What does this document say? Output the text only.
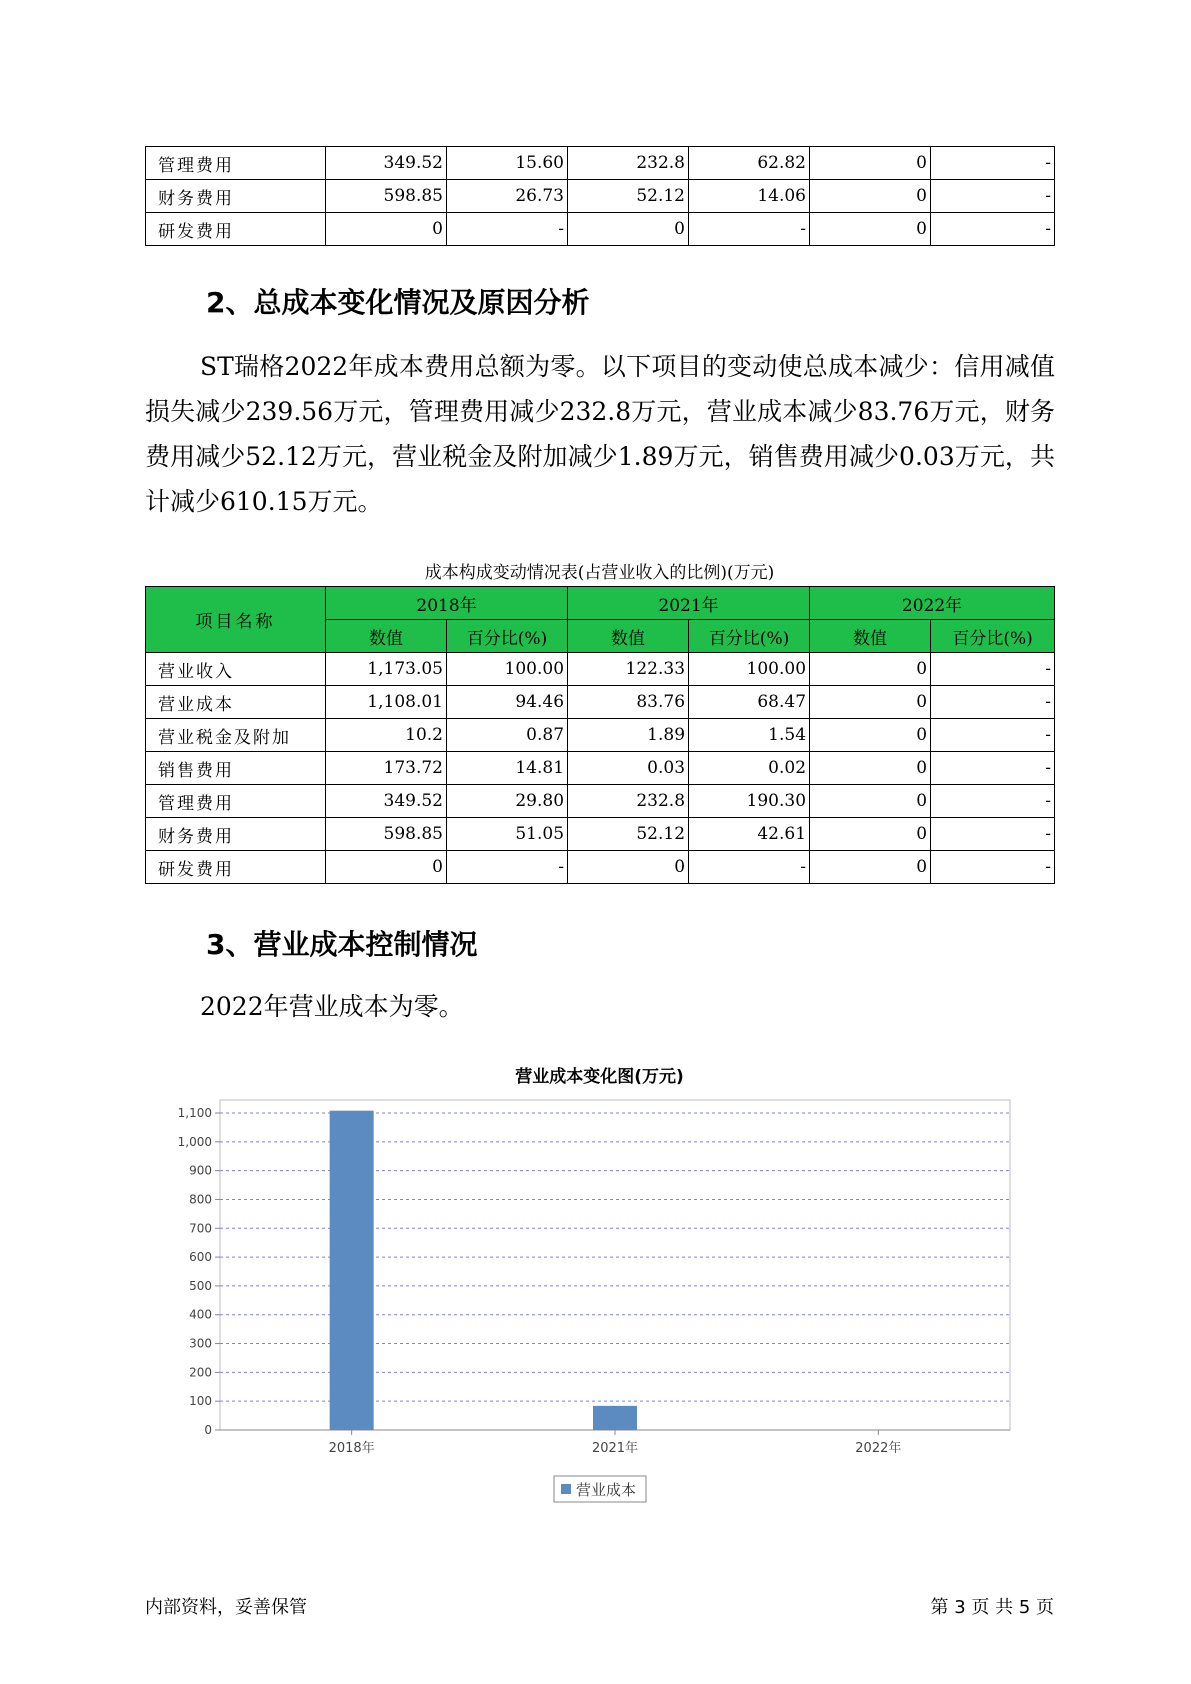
管理费用	349.52	15.60	232.8	62.82	0	-
财务费用	598.85	26.73	52.12	14.06	0	-
研发费用	0	-	0	-	0	-
2、总成本变化情况及原因分析

ST瑞格2022年成本费用总额为零。以下项目的变动使总成本减少：信用减值损失减少239.56万元，管理费用减少232.8万元，营业成本减少83.76万元，财务费用减少52.12万元，营业税金及附加减少1.89万元，销售费用减少0.03万元，共计减少610.15万元。

成本构成变动情况表(占营业收入的比例)(万元)
项目名称	2018年		2021年		2022年	
	数值	百分比(%)	数值	百分比(%)	数值	百分比(%)
营业收入	1,173.05	100.00	122.33	100.00	0	-
营业成本	1,108.01	94.46	83.76	68.47	0	-
营业税金及附加	10.2	0.87	1.89	1.54	0	-
销售费用	173.72	14.81	0.03	0.02	0	-
管理费用	349.52	29.80	232.8	190.30	0	-
财务费用	598.85	51.05	52.12	42.61	0	-
研发费用	0	-	0	-	0	-
3、营业成本控制情况

2022年营业成本为零。

营业成本变化图(万元)
0
100
200
300
400
500
600
700
800
900
1,000
1,100
2018年	2021年	2022年
营业成本
内部资料，妥善保管	第 3 页 共 5 页
